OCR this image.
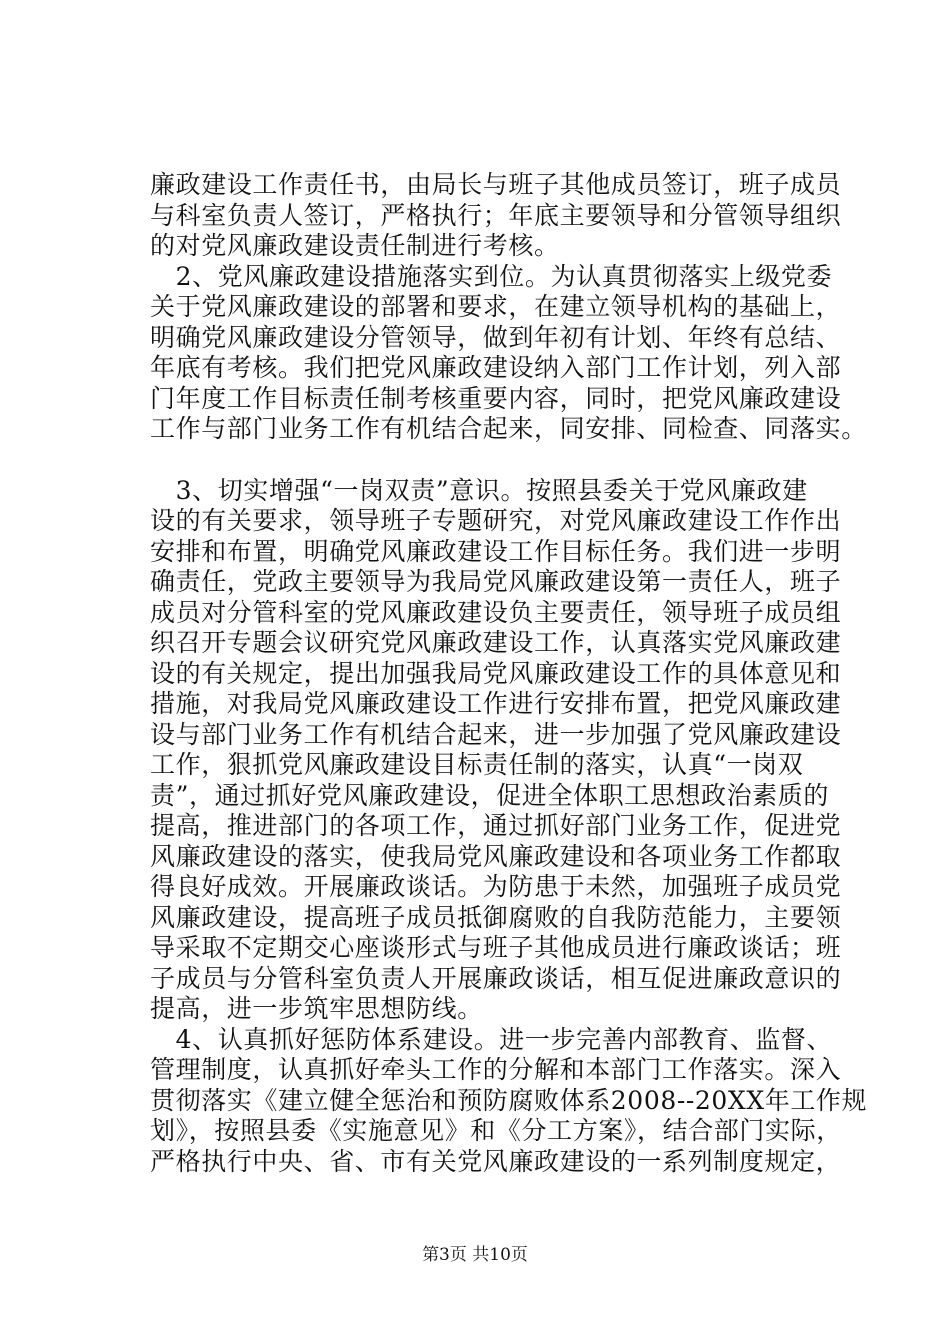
廉政建设工作责任书，由局长与班子其他成员签订，班子成员
与科室负责人签订，严格执行；年底主要领导和分管领导组织
的对党风廉政建设责任制进行考核。
　2、党风廉政建设措施落实到位。为认真贯彻落实上级党委
关于党风廉政建设的部署和要求，在建立领导机构的基础上，
明确党风廉政建设分管领导，做到年初有计划、年终有总结、
年底有考核。我们把党风廉政建设纳入部门工作计划，列入部
门年度工作目标责任制考核重要内容，同时，把党风廉政建设
工作与部门业务工作有机结合起来，同安排、同检查、同落实。
　3、切实增强“一岗双责”意识。按照县委关于党风廉政建
设的有关要求，领导班子专题研究，对党风廉政建设工作作出
安排和布置，明确党风廉政建设工作目标任务。我们进一步明
确责任，党政主要领导为我局党风廉政建设第一责任人，班子
成员对分管科室的党风廉政建设负主要责任，领导班子成员组
织召开专题会议研究党风廉政建设工作，认真落实党风廉政建
设的有关规定，提出加强我局党风廉政建设工作的具体意见和
措施，对我局党风廉政建设工作进行安排布置，把党风廉政建
设与部门业务工作有机结合起来，进一步加强了党风廉政建设
工作，狠抓党风廉政建设目标责任制的落实，认真“一岗双
责”，通过抓好党风廉政建设，促进全体职工思想政治素质的
提高，推进部门的各项工作，通过抓好部门业务工作，促进党
风廉政建设的落实，使我局党风廉政建设和各项业务工作都取
得良好成效。开展廉政谈话。为防患于未然，加强班子成员党
风廉政建设，提高班子成员抵御腐败的自我防范能力，主要领
导采取不定期交心座谈形式与班子其他成员进行廉政谈话；班
子成员与分管科室负责人开展廉政谈话，相互促进廉政意识的
提高，进一步筑牢思想防线。
　4、认真抓好惩防体系建设。进一步完善内部教育、监督、
管理制度，认真抓好牵头工作的分解和本部门工作落实。深入
贯彻落实《建立健全惩治和预防腐败体系2008--20XX年工作规
划》，按照县委《实施意见》和《分工方案》，结合部门实际，
严格执行中央、省、市有关党风廉政建设的一系列制度规定，
第3页 共10页
